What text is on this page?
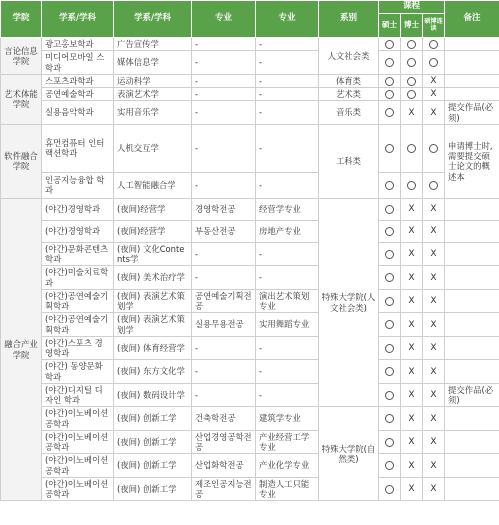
学院	学系/学科	学系/学科	专业	专业	系别	课程			备注
						硕士	博士	硕博连读	
言论信息学院	광고홍보학과	广告宣传学	-	-	人文社会类				
	미디어모바일 스학과	媒体信息学	-	-					
艺术体能学院	스포츠과학과	运动科学	-	-	体育类			X	
	공연예술학과	表演艺术学	-	-	艺术类			X	
	실용음악학과	实用音乐学	-	-	音乐类		X	X	提交作品(必须)
软件融合学院	휴먼컴퓨터 인터랙션학과	人机交互学	-	-	工科类				申请博士时,需要提交硕士论文的概述本
	인공지능융합 학과	人工智能融合学	-	-					
融合产业学院	(야간)경영학과	(夜间)经营学	경영학전공	经营学专业	特殊大学院(人文社会类)		X	X	
	(야간)경영학과	(夜间)经营学	부동산전공	房地产专业			X	X	
	(야간)문화콘텐츠학과	(夜间) 文化Contents学	-	-			X	X	
	(야간)미술치료학과	(夜间) 美术治疗学	-	-			X	X	
	(야간)공연예술기획학과	(夜间) 表演艺术策划学	공연예술기획전공	演出艺术策划专业			X	X	
	(야간)공연예술기획학과	(夜间) 表演艺术策划学	실용무용전공	实用舞蹈专业			X	X	
	(야간)스포츠 경영학과	(夜间) 体育经营学	-	-			X	X	
	(야간) 동양문화학과	(夜间) 东方文化学	-	-			X	X	
	(야간)디지털 디자인 학과	(夜间) 数码设计学	-	-			X	X	提交作品(必须)
	(야간)이노베이션 공학과	(夜间) 创新工学	건축학전공	建筑学专业	特殊大学院(自然类)		X	X	
	(야간)이노베이션 공학과	(夜间) 创新工学	산업경영공학전공	产业经营工学专业			X	X	
	(야간)이노베이션 공학과	(夜间) 创新工学	산업화학전공	产业化学专业			X	X	
	(야간)이노베이션 공학과	(夜间) 创新工学	제조인공지능전공	制造人工只能专业			X	X	
